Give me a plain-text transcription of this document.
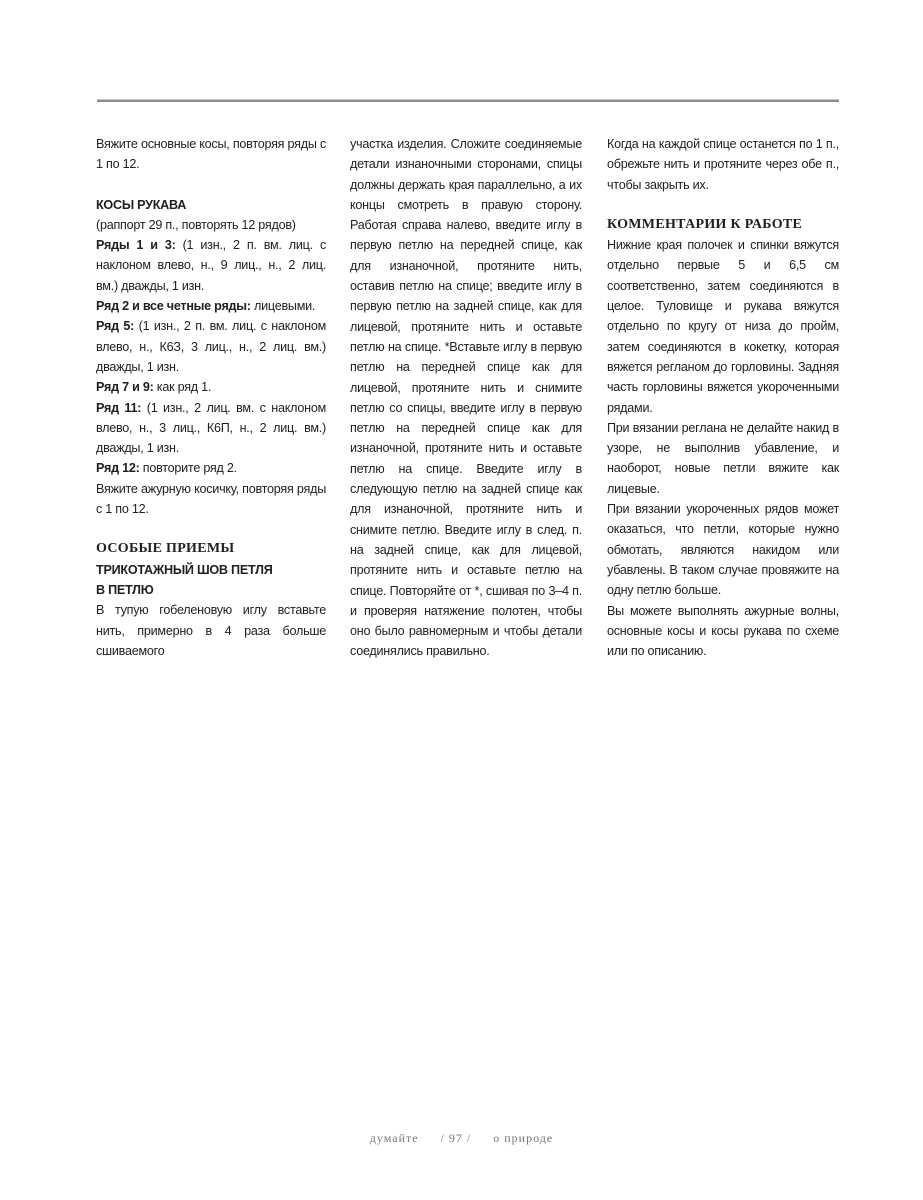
Вяжите основные косы, повторяя ряды с 1 по 12.

КОСЫ РУКАВА

(раппорт 29 п., повторять 12 рядов)

Ряды 1 и 3: (1 изн., 2 п. вм. лиц. с наклоном влево, н., 9 лиц., н., 2 лиц. вм.) дважды, 1 изн.

Ряд 2 и все четные ряды: лицевыми.

Ряд 5: (1 изн., 2 п. вм. лиц. с наклоном влево, н., К6З, 3 лиц., н., 2 лиц. вм.) дважды, 1 изн.

Ряд 7 и 9: как ряд 1.

Ряд 11: (1 изн., 2 лиц. вм. с наклоном влево, н., 3 лиц., К6П, н., 2 лиц. вм.) дважды, 1 изн.

Ряд 12: повторите ряд 2.

Вяжите ажурную косичку, повторяя ряды с 1 по 12.

ОСОБЫЕ ПРИЕМЫ

ТРИКОТАЖНЫЙ ШОВ ПЕТЛЯ

В ПЕТЛЮ

В тупую гобеленовую иглу вставьте нить, примерно в 4 раза больше сшиваемого

участка изделия. Сложите соединяемые детали изнаночными сторонами, спицы должны держать края параллельно, а их концы смотреть в правую сторону. Работая справа налево, введите иглу в первую петлю на передней спице, как для изнаночной, протяните нить, оставив петлю на спице; введите иглу в первую петлю на задней спице, как для лицевой, протяните нить и оставьте петлю на спице. *Вставьте иглу в первую петлю на передней спице как для лицевой, протяните нить и снимите петлю со спицы, введите иглу в первую петлю на передней спице как для изнаночной, протяните нить и оставьте петлю на спице. Введите иглу в следующую петлю на задней спице как для изнаночной, протяните нить и снимите петлю. Введите иглу в след. п. на задней спице, как для лицевой, протяните нить и оставьте петлю на спице. Повторяйте от *, сшивая по 3–4 п. и проверяя натяжение полотен, чтобы оно было равномерным и чтобы детали соединялись правильно.

Когда на каждой спице останется по 1 п., обрежьте нить и протяните через обе п., чтобы закрыть их.

КОММЕНТАРИИ К РАБОТЕ

Нижние края полочек и спинки вяжутся отдельно первые 5 и 6,5 см соответственно, затем соединяются в целое. Туловище и рукава вяжутся отдельно по кругу от низа до пройм, затем соединяются в кокетку, которая вяжется регланом до горловины. Задняя часть горловины вяжется укороченными рядами.

При вязании реглана не делайте накид в узоре, не выполнив убавление, и наоборот, новые петли вяжите как лицевые.

При вязании укороченных рядов может оказаться, что петли, которые нужно обмотать, являются накидом или убавлены. В таком случае провяжите на одну петлю больше.

Вы можете выполнять ажурные волны, основные косы и косы рукава по схеме или по описанию.

думайте / 97 / о природе
